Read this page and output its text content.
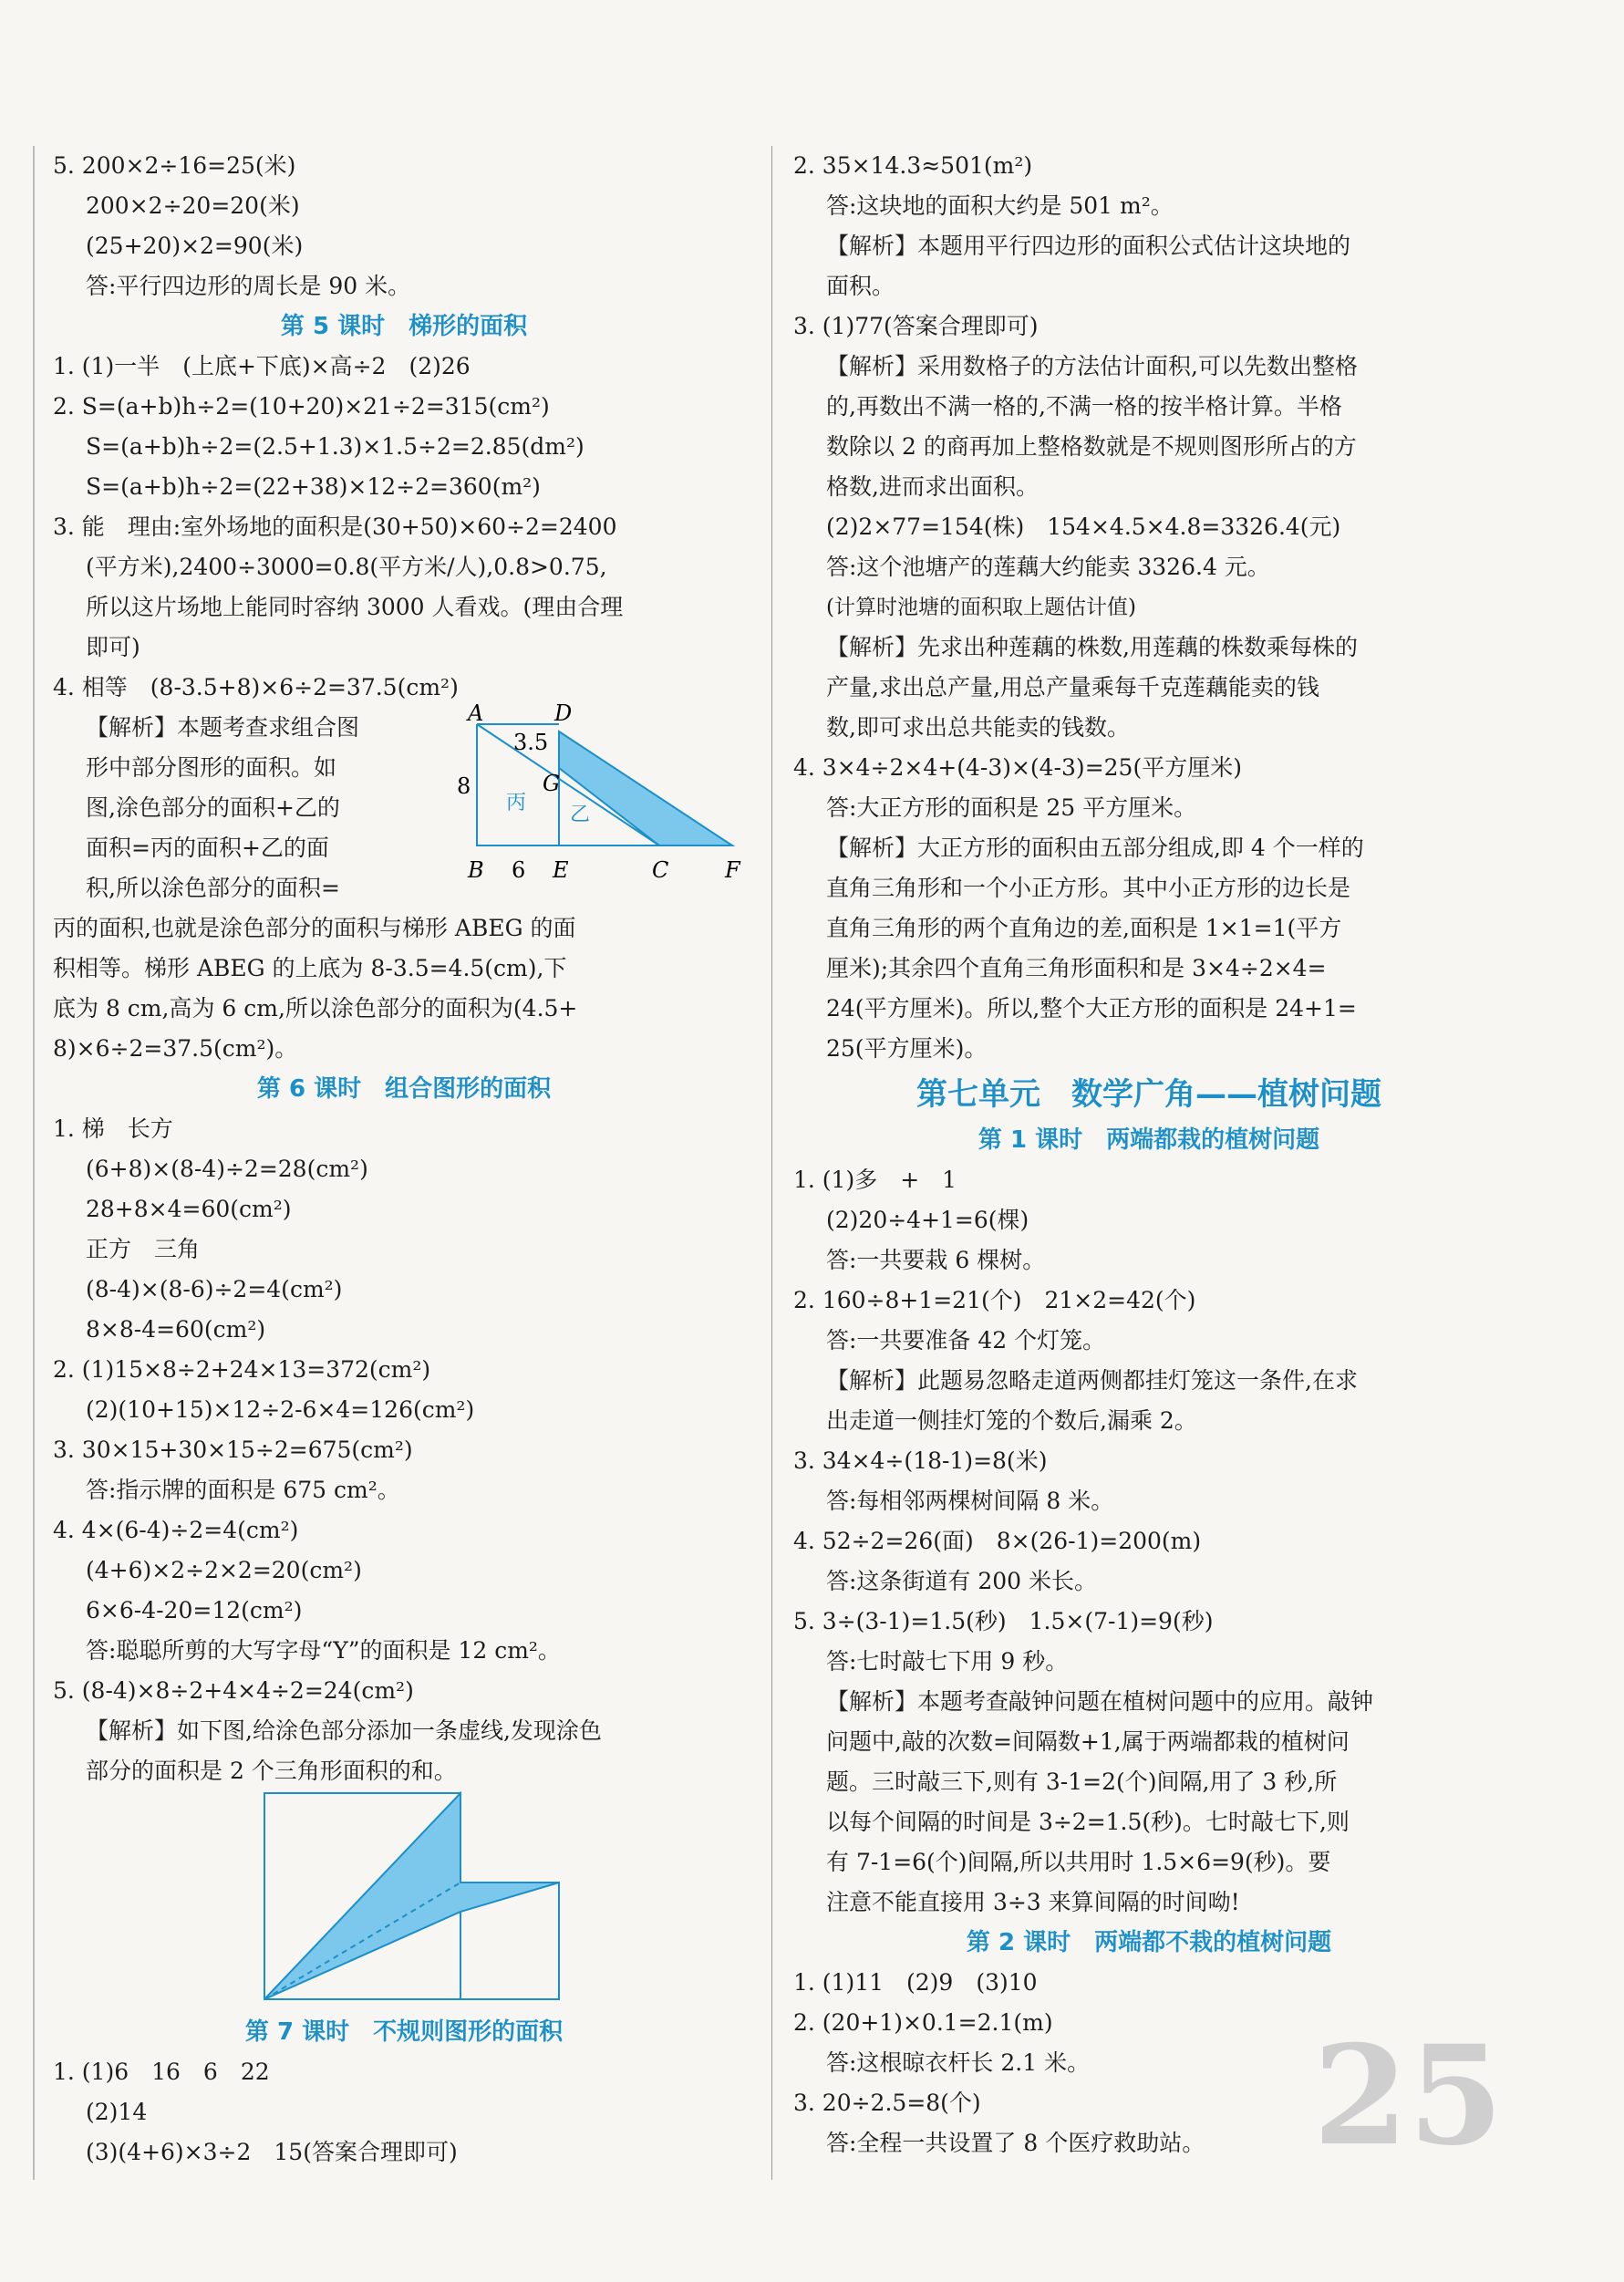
5. 200×2÷16=25(米)
200×2÷20=20(米)
(25+20)×2=90(米)
答:平行四边形的周长是 90 米。
第 5 课时　梯形的面积
1. (1)一半　(上底+下底)×高÷2　(2)26
2. S=(a+b)h÷2=(10+20)×21÷2=315(cm²)
S=(a+b)h÷2=(2.5+1.3)×1.5÷2=2.85(dm²)
S=(a+b)h÷2=(22+38)×12÷2=360(m²)
3. 能　理由:室外场地的面积是(30+50)×60÷2=2400
(平方米),2400÷3000=0.8(平方米/人),0.8>0.75,
所以这片场地上能同时容纳 3000 人看戏。(理由合理
即可)
4. 相等　(8-3.5+8)×6÷2=37.5(cm²)
【解析】本题考查求组合图
形中部分图形的面积。如
图,涂色部分的面积+乙的
面积=丙的面积+乙的面
积,所以涂色部分的面积=
A	D
3.5
8	G
丙
乙
B 6 E	C	F
丙的面积,也就是涂色部分的面积与梯形 ABEG 的面
积相等。梯形 ABEG 的上底为 8-3.5=4.5(cm),下
底为 8 cm,高为 6 cm,所以涂色部分的面积为(4.5+
8)×6÷2=37.5(cm²)。
第 6 课时　组合图形的面积
1. 梯　长方
(6+8)×(8-4)÷2=28(cm²)
28+8×4=60(cm²)
正方　三角
(8-4)×(8-6)÷2=4(cm²)
8×8-4=60(cm²)
2. (1)15×8÷2+24×13=372(cm²)
(2)(10+15)×12÷2-6×4=126(cm²)
3. 30×15+30×15÷2=675(cm²)
答:指示牌的面积是 675 cm²。
4. 4×(6-4)÷2=4(cm²)
(4+6)×2÷2×2=20(cm²)
6×6-4-20=12(cm²)
答:聪聪所剪的大写字母“Y”的面积是 12 cm²。
5. (8-4)×8÷2+4×4÷2=24(cm²)
【解析】如下图,给涂色部分添加一条虚线,发现涂色
部分的面积是 2 个三角形面积的和。
第 7 课时　不规则图形的面积
1. (1)6　16　6　22
(2)14
(3)(4+6)×3÷2　15(答案合理即可)
2. 35×14.3≈501(m²)
答:这块地的面积大约是 501 m²。
【解析】本题用平行四边形的面积公式估计这块地的
面积。
3. (1)77(答案合理即可)
【解析】采用数格子的方法估计面积,可以先数出整格
的,再数出不满一格的,不满一格的按半格计算。半格
数除以 2 的商再加上整格数就是不规则图形所占的方
格数,进而求出面积。
(2)2×77=154(株)　154×4.5×4.8=3326.4(元)
答:这个池塘产的莲藕大约能卖 3326.4 元。
(计算时池塘的面积取上题估计值)
【解析】先求出种莲藕的株数,用莲藕的株数乘每株的
产量,求出总产量,用总产量乘每千克莲藕能卖的钱
数,即可求出总共能卖的钱数。
4. 3×4÷2×4+(4-3)×(4-3)=25(平方厘米)
答:大正方形的面积是 25 平方厘米。
【解析】大正方形的面积由五部分组成,即 4 个一样的
直角三角形和一个小正方形。其中小正方形的边长是
直角三角形的两个直角边的差,面积是 1×1=1(平方
厘米);其余四个直角三角形面积和是 3×4÷2×4=
24(平方厘米)。所以,整个大正方形的面积是 24+1=
25(平方厘米)。
第七单元　数学广角——植树问题
第 1 课时　两端都栽的植树问题
1. (1)多　+　1
(2)20÷4+1=6(棵)
答:一共要栽 6 棵树。
2. 160÷8+1=21(个)　21×2=42(个)
答:一共要准备 42 个灯笼。
【解析】此题易忽略走道两侧都挂灯笼这一条件,在求
出走道一侧挂灯笼的个数后,漏乘 2。
3. 34×4÷(18-1)=8(米)
答:每相邻两棵树间隔 8 米。
4. 52÷2=26(面)　8×(26-1)=200(m)
答:这条街道有 200 米长。
5. 3÷(3-1)=1.5(秒)　1.5×(7-1)=9(秒)
答:七时敲七下用 9 秒。
【解析】本题考查敲钟问题在植树问题中的应用。敲钟
问题中,敲的次数=间隔数+1,属于两端都栽的植树问
题。三时敲三下,则有 3-1=2(个)间隔,用了 3 秒,所
以每个间隔的时间是 3÷2=1.5(秒)。七时敲七下,则
有 7-1=6(个)间隔,所以共用时 1.5×6=9(秒)。要
注意不能直接用 3÷3 来算间隔的时间呦!
第 2 课时　两端都不栽的植树问题
1. (1)11　(2)9　(3)10
2. (20+1)×0.1=2.1(m)
答:这根晾衣杆长 2.1 米。
3. 20÷2.5=8(个)
答:全程一共设置了 8 个医疗救助站。 25
